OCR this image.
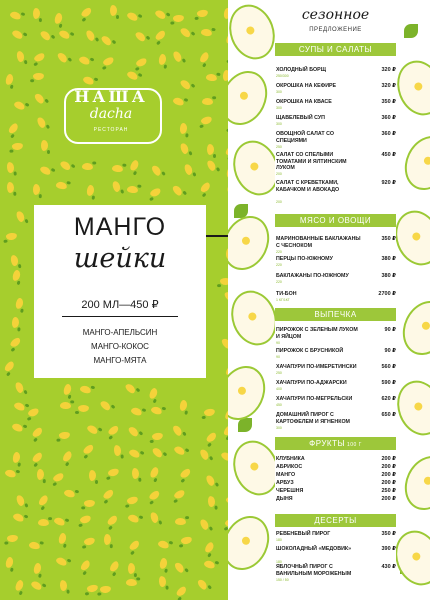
НАША
dacha
РЕСТОРАН
МАНГО
шейки
200 МЛ—450 ₽
МАНГО-АПЕЛЬСИН
МАНГО-КОКОС
МАНГО-МЯТА
сезонное
ПРЕДЛОЖЕНИЕ
СУПЫ И САЛАТЫ
ХОЛОДНЫЙ БОРЩ	320 ₽
250/300
ОКРОШКА НА КЕФИРЕ	320 ₽
300
ОКРОШКА НА КВАСЕ	350 ₽
300
ЩАВЕЛЕВЫЙ СУП	360 ₽
300
ОВОЩНОЙ САЛАТ СО СПЕЦИЯМИ
360 ₽
250
САЛАТ СО СПЕЛЫМИ ТОМАТАМИ И ЯЛТИНСКИМ ЛУКОМ
450 ₽
200
САЛАТ С КРЕВЕТКАМИ, КАБАЧКОМ И АВОКАДО
920 ₽
200
МЯСО И ОВОЩИ
МАРИНОВАННЫЕ БАКЛАЖАНЫ С ЧЕСНОКОМ
350 ₽
220
ПЕРЦЫ ПО-ЮЖНОМУ	380 ₽
220
БАКЛАЖАНЫ ПО-ЮЖНОМУ	380 ₽
220
ТИ-БОН	2700 ₽
1 КГ/1КГ
ВЫПЕЧКА
ПИРОЖОК С ЗЕЛЕНЫМ ЛУКОМ И ЯЙЦОМ
90 ₽
90
ПИРОЖОК С БРУСНИКОЙ	90 ₽
90
ХАЧАПУРИ ПО-ИМЕРЕТИНСКИ	560 ₽
250
ХАЧАПУРИ ПО-АДЖАРСКИ	590 ₽
400
ХАЧАПУРИ ПО-МЕГРЕЛЬСКИ	620 ₽
450
ДОМАШНИЙ ПИРОГ С КАРТОФЕЛЕМ И ЯГНЕНКОМ
650 ₽
300
ФРУКТЫ 100 Г
КЛУБНИКА	200 ₽
АБРИКОС	200 ₽
МАНГО	200 ₽
АРБУЗ	200 ₽
ЧЕРЕШНЯ	250 ₽
ДЫНЯ	200 ₽
ДЕСЕРТЫ
РЕВЕНЕВЫЙ ПИРОГ	350 ₽
180
ШОКОЛАДНЫЙ «МЕДОВИК»	390 ₽
180
ЯБЛОЧНЫЙ ПИРОГ С ВАНИЛЬНЫМ МОРОЖЕНЫМ
430 ₽
150 / 50
